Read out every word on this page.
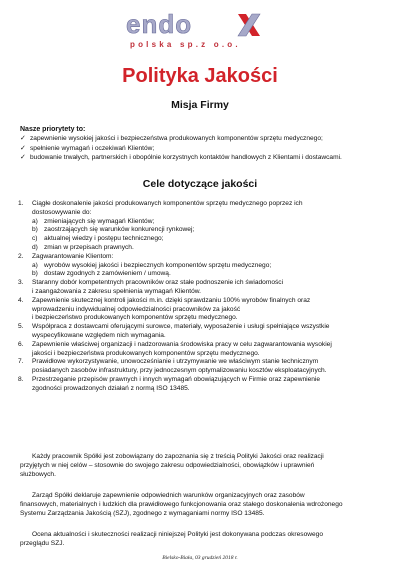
endo
polska sp.z o.o.
Polityka Jakości
Misja Firmy
Nasze priorytety to:
✓ zapewnienie wysokiej jakości i bezpieczeństwa produkowanych komponentów sprzętu medycznego;
✓ spełnienie wymagań i oczekiwań Klientów;
✓ budowanie trwałych, partnerskich i obopólnie korzystnych kontaktów handlowych z Klientami i dostawcami.
Cele dotyczące jakości
1.	Ciągłe doskonalenie jakości produkowanych komponentów sprzętu medycznego poprzez ich
dostosowywanie do:
a) zmieniających się wymagań Klientów;
b) zaostrzających się warunków konkurencji rynkowej;
c) aktualnej wiedzy i postępu technicznego;
d) zmian w przepisach prawnych.
2.	Zagwarantowanie Klientom:
a) wyrobów wysokiej jakości i bezpiecznych komponentów sprzętu medycznego;
b) dostaw zgodnych z zamówieniem / umową.
3.	Staranny dobór kompetentnych pracowników oraz stałe podnoszenie ich świadomości
i zaangażowania z zakresu spełnienia wymagań Klientów.
4.	Zapewnienie skutecznej kontroli jakości m.in. dzięki sprawdzaniu 100% wyrobów finalnych oraz
wprowadzeniu indywidualnej odpowiedzialności pracowników za jakość
i bezpieczeństwo produkowanych komponentów sprzętu medycznego.
5.	Współpraca z dostawcami oferującymi surowce, materiały, wyposażenie i usługi spełniające wszystkie
wyspecyfikowane względem nich wymagania.
6.	Zapewnienie właściwej organizacji i nadzorowania środowiska pracy w celu zagwarantowania wysokiej
jakości i bezpieczeństwa produkowanych komponentów sprzętu medycznego.
7.	Prawidłowe wykorzystywanie, unowocześnianie i utrzymywanie we właściwym stanie technicznym
posiadanych zasobów infrastruktury, przy jednoczesnym optymalizowaniu kosztów eksploatacyjnych.
8.	Przestrzeganie przepisów prawnych i innych wymagań obowiązujących w Firmie oraz zapewnienie
zgodności prowadzonych działań z normą ISO 13485.
Każdy pracownik Spółki jest zobowiązany do zapoznania się z treścią Polityki Jakości oraz realizacji
przyjętych w niej celów – stosownie do swojego zakresu odpowiedzialności, obowiązków i uprawnień
służbowych.
Zarząd Spółki deklaruje zapewnienie odpowiednich warunków organizacyjnych oraz zasobów
finansowych, materialnych i ludzkich dla prawidłowego funkcjonowania oraz stałego doskonalenia wdrożonego
Systemu Zarządzania Jakością (SZJ), zgodnego z wymaganiami normy ISO 13485.
Ocena aktualności i skuteczności realizacji niniejszej Polityki jest dokonywana podczas okresowego
przeglądu SZJ.
Bielsko-Biała, 03 grudzień 2018 r.
